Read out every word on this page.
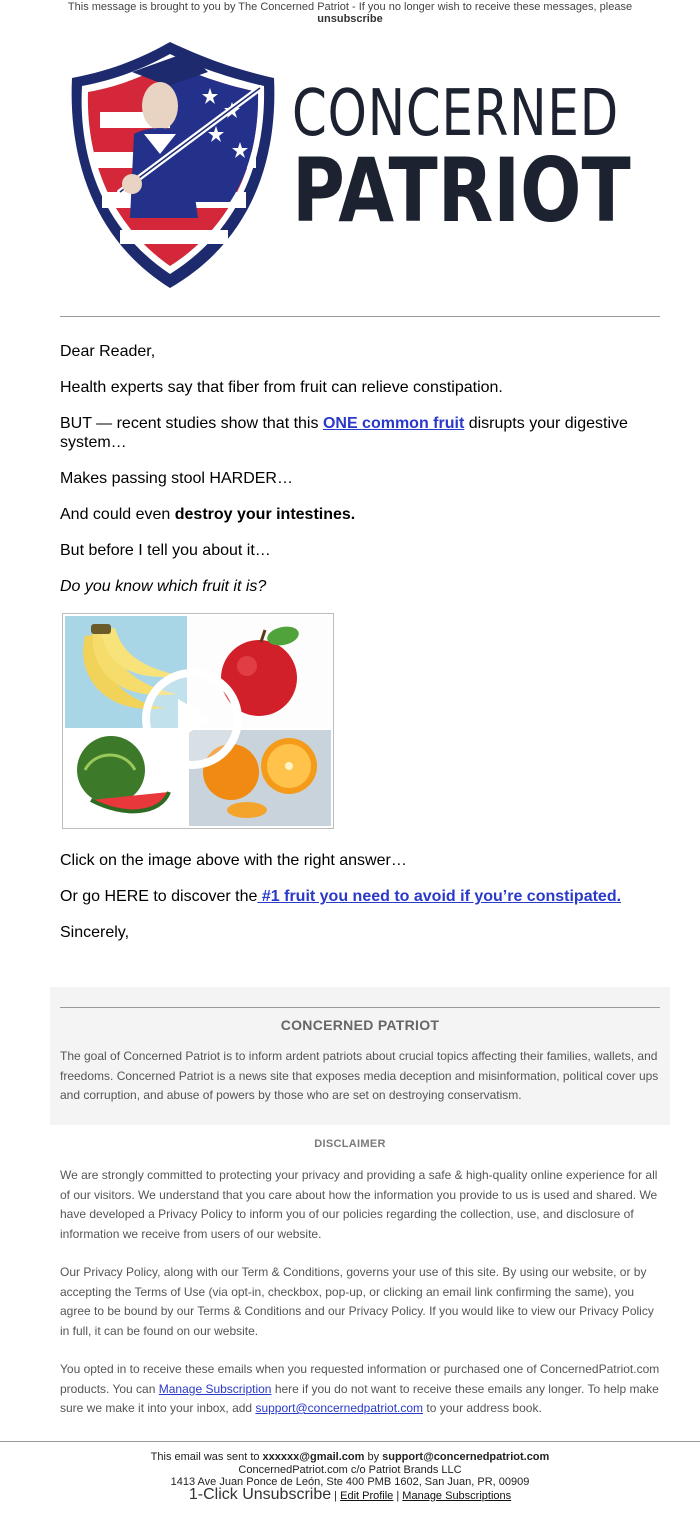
This message is brought to you by The Concerned Patriot - If you no longer wish to receive these messages, please
unsubscribe
CONCERNED
PATRIOT

Dear Reader,

Health experts say that fiber from fruit can relieve constipation.

BUT — recent studies show that this ONE common fruit disrupts your digestive system…

Makes passing stool HARDER…

And could even destroy your intestines.

But before I tell you about it…

Do you know which fruit it is?

Click on the image above with the right answer…

Or go HERE to discover the #1 fruit you need to avoid if you’re constipated.

Sincerely,

CONCERNED PATRIOT
The goal of Concerned Patriot is to inform ardent patriots about crucial topics affecting their families, wallets, and freedoms. Concerned Patriot is a news site that exposes media deception and misinformation, political cover ups and corruption, and abuse of powers by those who are set on destroying conservatism.
DISCLAIMER

We are strongly committed to protecting your privacy and providing a safe & high-quality online experience for all of our visitors. We understand that you care about how the information you provide to us is used and shared. We have developed a Privacy Policy to inform you of our policies regarding the collection, use, and disclosure of information we receive from users of our website.

Our Privacy Policy, along with our Term & Conditions, governs your use of this site. By using our website, or by accepting the Terms of Use (via opt-in, checkbox, pop-up, or clicking an email link confirming the same), you agree to be bound by our Terms & Conditions and our Privacy Policy. If you would like to view our Privacy Policy in full, it can be found on our website.

You opted in to receive these emails when you requested information or purchased one of ConcernedPatriot.com products. You can Manage Subscription here if you do not want to receive these emails any longer. To help make sure we make it into your inbox, add support@concernedpatriot.com to your address book.

This email was sent to xxxxxx@gmail.com by support@concernedpatriot.com
ConcernedPatriot.com c/o Patriot Brands LLC
1413 Ave Juan Ponce de León, Ste 400 PMB 1602, San Juan, PR, 00909
1-Click Unsubscribe | Edit Profile | Manage Subscriptions
